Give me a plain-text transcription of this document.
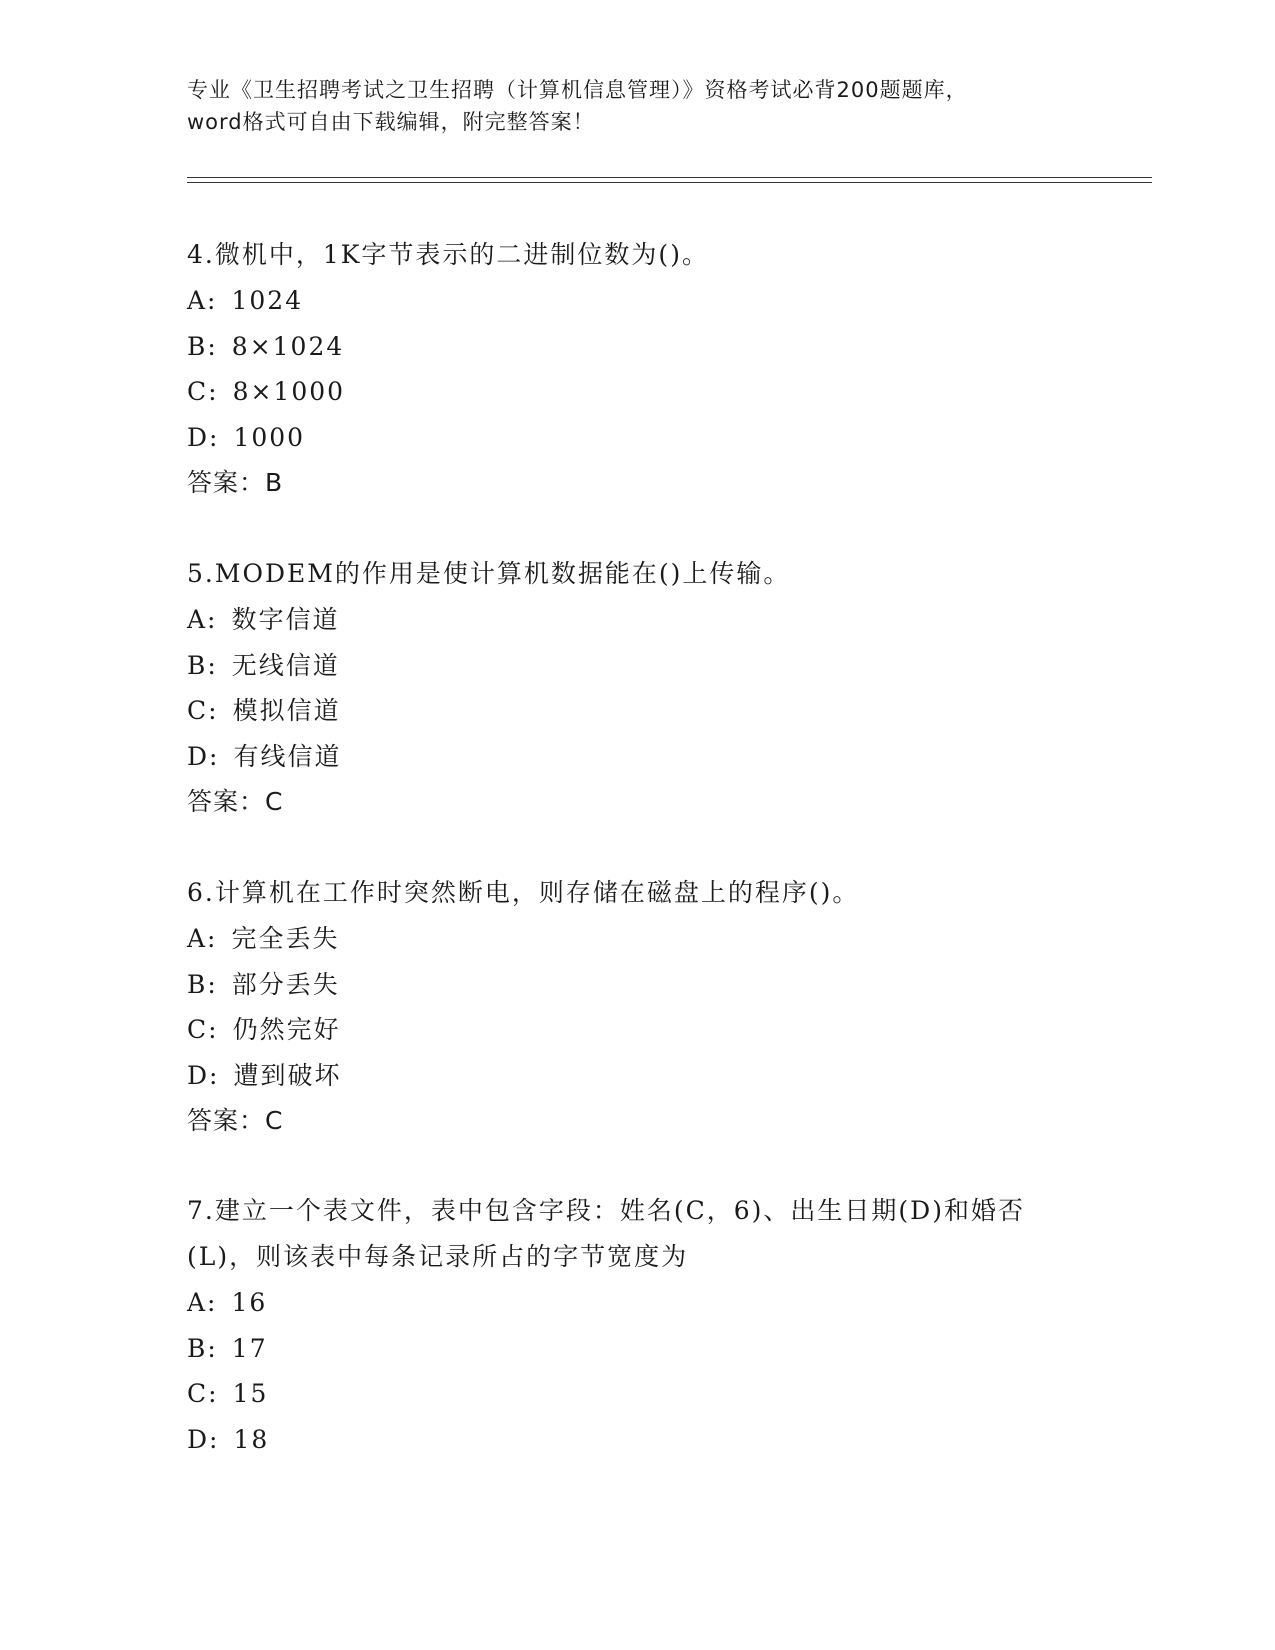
专业《卫生招聘考试之卫生招聘（计算机信息管理）》资格考试必背200题题库，
word格式可自由下载编辑，附完整答案！
4.微机中，1K字节表示的二进制位数为()。
A: 1024
B: 8×1024
C: 8×1000
D: 1000
答案：B
5.MODEM的作用是使计算机数据能在()上传输。
A: 数字信道
B: 无线信道
C: 模拟信道
D: 有线信道
答案：C
6.计算机在工作时突然断电，则存储在磁盘上的程序()。
A: 完全丢失
B: 部分丢失
C: 仍然完好
D: 遭到破坏
答案：C
7.建立一个表文件，表中包含字段：姓名(C，6)、出生日期(D)和婚否(L)，则该表中每条记录所占的字节宽度为
A: 16
B: 17
C: 15
D: 18
